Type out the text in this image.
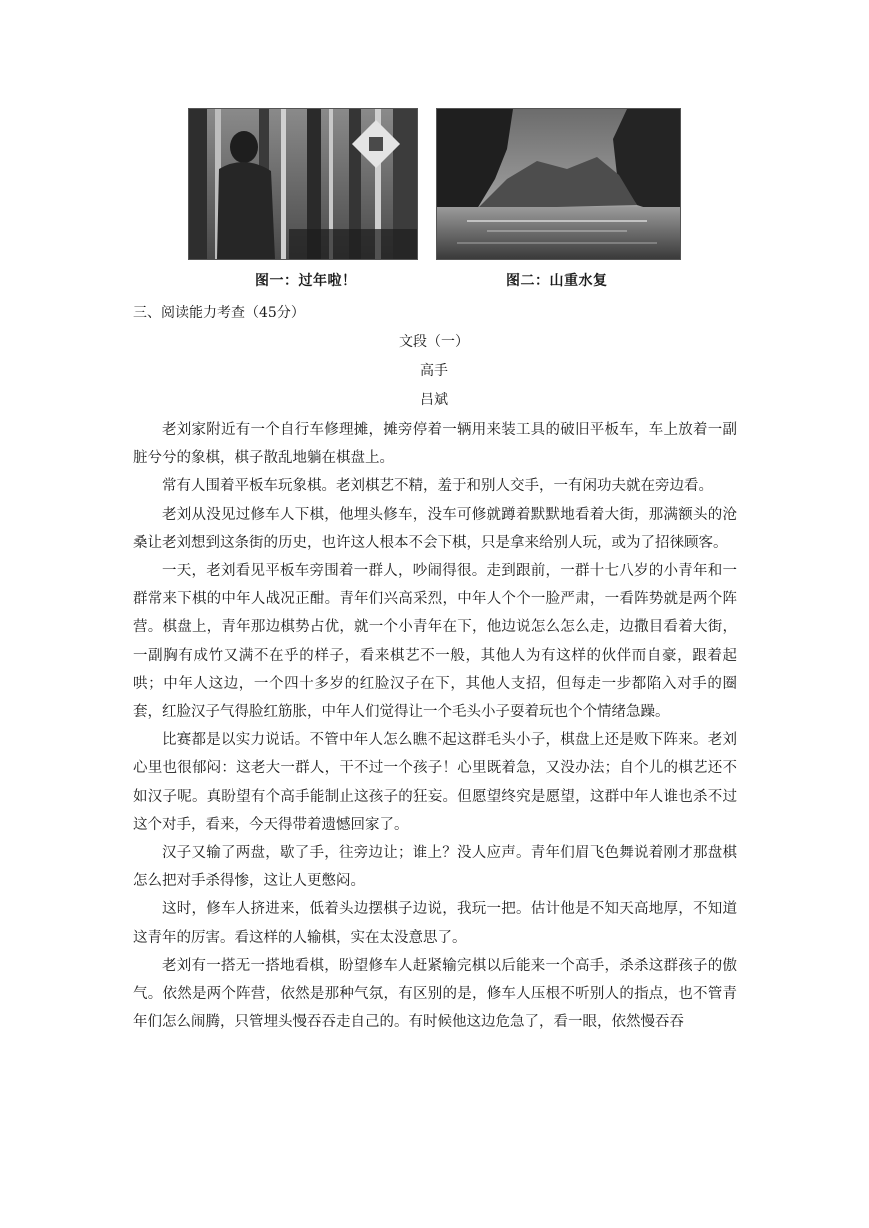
图一：过年啦！	图二：山重水复
三、阅读能力考查（45分）
文段（一）
高手
吕斌

老刘家附近有一个自行车修理摊，摊旁停着一辆用来装工具的破旧平板车，车上放着一副脏兮兮的象棋，棋子散乱地躺在棋盘上。

常有人围着平板车玩象棋。老刘棋艺不精，羞于和别人交手，一有闲功夫就在旁边看。

老刘从没见过修车人下棋，他埋头修车，没车可修就蹲着默默地看着大街，那满额头的沧桑让老刘想到这条街的历史，也许这人根本不会下棋，只是拿来给别人玩，或为了招徕顾客。

一天，老刘看见平板车旁围着一群人，吵闹得很。走到跟前，一群十七八岁的小青年和一群常来下棋的中年人战况正酣。青年们兴高采烈，中年人个个一脸严肃，一看阵势就是两个阵营。棋盘上，青年那边棋势占优，就一个小青年在下，他边说怎么怎么走，边撒目看着大街，一副胸有成竹又满不在乎的样子，看来棋艺不一般，其他人为有这样的伙伴而自豪，跟着起哄；中年人这边，一个四十多岁的红脸汉子在下，其他人支招，但每走一步都陷入对手的圈套，红脸汉子气得脸红筋胀，中年人们觉得让一个毛头小子耍着玩也个个情绪急躁。

比赛都是以实力说话。不管中年人怎么瞧不起这群毛头小子，棋盘上还是败下阵来。老刘心里也很郁闷：这老大一群人，干不过一个孩子！心里既着急，又没办法；自个儿的棋艺还不如汉子呢。真盼望有个高手能制止这孩子的狂妄。但愿望终究是愿望，这群中年人谁也杀不过这个对手，看来，今天得带着遗憾回家了。

汉子又输了两盘，歇了手，往旁边让；谁上？没人应声。青年们眉飞色舞说着刚才那盘棋怎么把对手杀得惨，这让人更憋闷。

这时，修车人挤进来，低着头边摆棋子边说，我玩一把。估计他是不知天高地厚，不知道这青年的厉害。看这样的人输棋，实在太没意思了。

老刘有一搭无一搭地看棋，盼望修车人赶紧输完棋以后能来一个高手，杀杀这群孩子的傲气。依然是两个阵营，依然是那种气氛，有区别的是，修车人压根不听别人的指点，也不管青年们怎么闹腾，只管埋头慢吞吞走自己的。有时候他这边危急了，看一眼，依然慢吞吞
